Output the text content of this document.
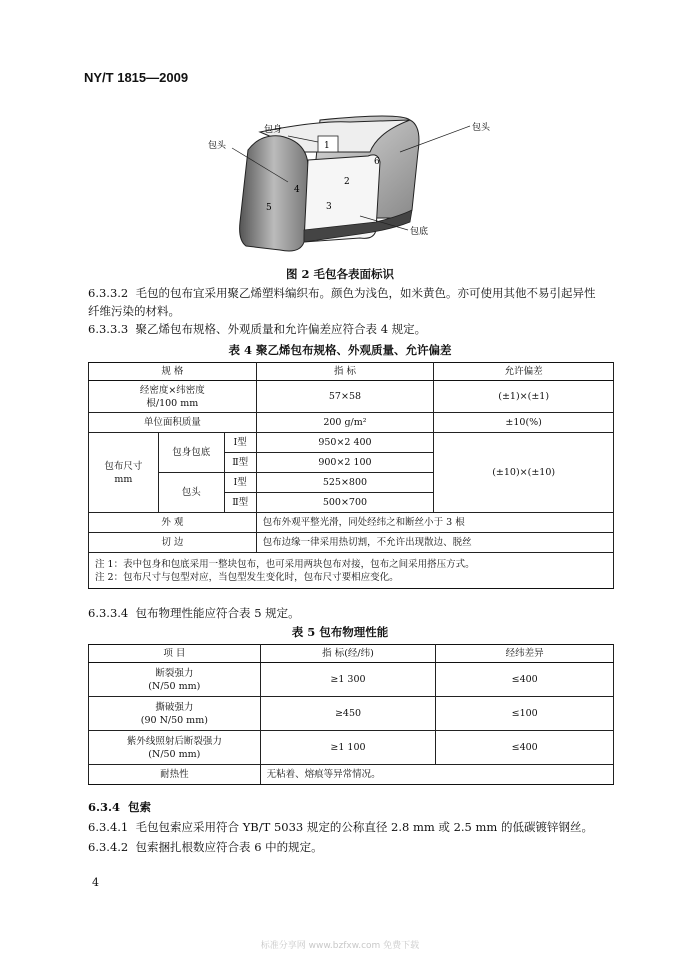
NY/T 1815—2009
1
2
3
4
5
6
包头
包身	包头
包底
图 2 毛包各表面标识
6.3.3.2 毛包的包布宜采用聚乙烯塑料编织布。颜色为浅色，如米黄色。亦可使用其他不易引起异性
纤维污染的材料。
6.3.3.3 聚乙烯包布规格、外观质量和允许偏差应符合表 4 规定。
表 4 聚乙烯包布规格、外观质量、允许偏差
规 格			指 标	允许偏差

经密度×纬密度
根/100 mm			57×58	(±1)×(±1)
单位面积质量			200 g/m²	±10(%)

包布尺寸
mm	包身包底	Ⅰ型	950×2 400	(±10)×(±10)
		Ⅱ型	900×2 100	
	包头	Ⅰ型	525×800	
		Ⅱ型	500×700	
外 观			包布外观平整光滑，同处经纬之和断丝小于 3 根	
切 边			包布边缘一律采用热切割，不允许出现散边、脱丝	

注 1：表中包身和包底采用一整块包布，也可采用两块包布对接，包布之间采用搭压方式。
注 2：包布尺寸与包型对应，当包型发生变化时，包布尺寸要相应变化。				
6.3.3.4 包布物理性能应符合表 5 规定。
表 5 包布物理性能
项 目	指 标(经/纬)	经纬差异

断裂强力
(N/50 mm)	≥1 300	≤400

撕破强力
(90 N/50 mm)	≥450	≤100

紫外线照射后断裂强力
(N/50 mm)	≥1 100	≤400
耐热性	无粘着、熔痕等异常情况。	
6.3.4 包索
6.3.4.1 毛包包索应采用符合 YB/T 5033 规定的公称直径 2.8 mm 或 2.5 mm 的低碳镀锌钢丝。
6.3.4.2 包索捆扎根数应符合表 6 中的规定。
4
标准分享网 www.bzfxw.com 免费下载
